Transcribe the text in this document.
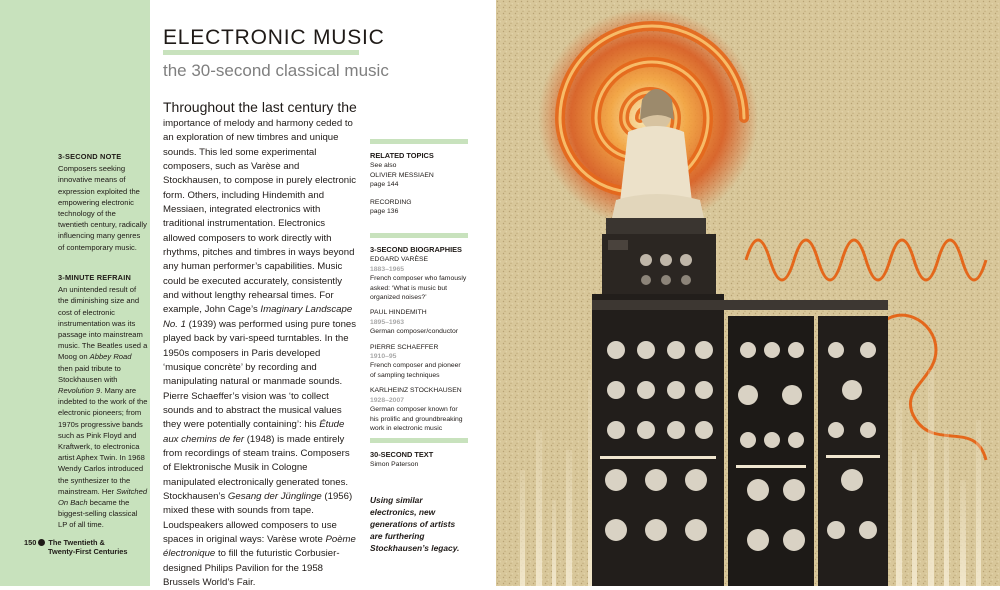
3-SECOND NOTE
Composers seeking innovative means of expression exploited the empowering electronic technology of the twentieth century, radically influencing many genres of contemporary music.
3-MINUTE REFRAIN
An unintended result of the diminishing size and cost of electronic instrumentation was its passage into mainstream music. The Beatles used a Moog on Abbey Road then paid tribute to Stockhausen with Revolution 9. Many are indebted to the work of the electronic pioneers; from 1970s progressive bands such as Pink Floyd and Kraftwerk, to electronica artist Aphex Twin. In 1968 Wendy Carlos introduced the synthesizer to the mainstream. Her Switched On Bach became the biggest-selling classical LP of all time.
150 The Twentieth &
Twenty-First Centuries
ELECTRONIC MUSIC
the 30-second classical music
Throughout the last century the

importance of melody and harmony ceded to an exploration of new timbres and unique sounds. This led some experimental composers, such as Varèse and Stockhausen, to compose in purely electronic form. Others, including Hindemith and Messiaen, integrated electronics with traditional instrumentation. Electronics allowed composers to work directly with rhythms, pitches and timbres in ways beyond any human performer’s capabilities. Music could be executed accurately, consistently and without lengthy rehearsal times. For example, John Cage’s Imaginary Landscape No. 1 (1939) was performed using pure tones played back by vari-speed turntables. In the 1950s composers in Paris developed ‘musique concrète’ by recording and manipulating natural or manmade sounds. Pierre Schaeffer’s vision was ‘to collect sounds and to abstract the musical values they were potentially containing’: his Étude aux chemins de fer (1948) is made entirely from recordings of steam trains. Composers of Elektronische Musik in Cologne manipulated electronically generated tones. Stockhausen’s Gesang der Jünglinge (1956) mixed these with sounds from tape. Loudspeakers allowed composers to use spaces in original ways: Varèse wrote Poème électronique to fill the futuristic Corbusier-designed Philips Pavilion for the 1958 Brussels World’s Fair.

RELATED TOPICS
See also
OLIVIER MESSIAEN
page 144
RECORDING
page 136
3-SECOND BIOGRAPHIES
EDGARD VARÈSE
1883–1965
French composer who famously asked: ‘What is music but organized noises?’
PAUL HINDEMITH
1895–1963
German composer/conductor
PIERRE SCHAEFFER
1910–95
French composer and pioneer of sampling techniques
KARLHEINZ STOCKHAUSEN
1928–2007
German composer known for his prolific and groundbreaking work in electronic music
30-SECOND TEXT
Simon Paterson
Using similar electronics, new generations of artists are furthering Stockhausen’s legacy.
